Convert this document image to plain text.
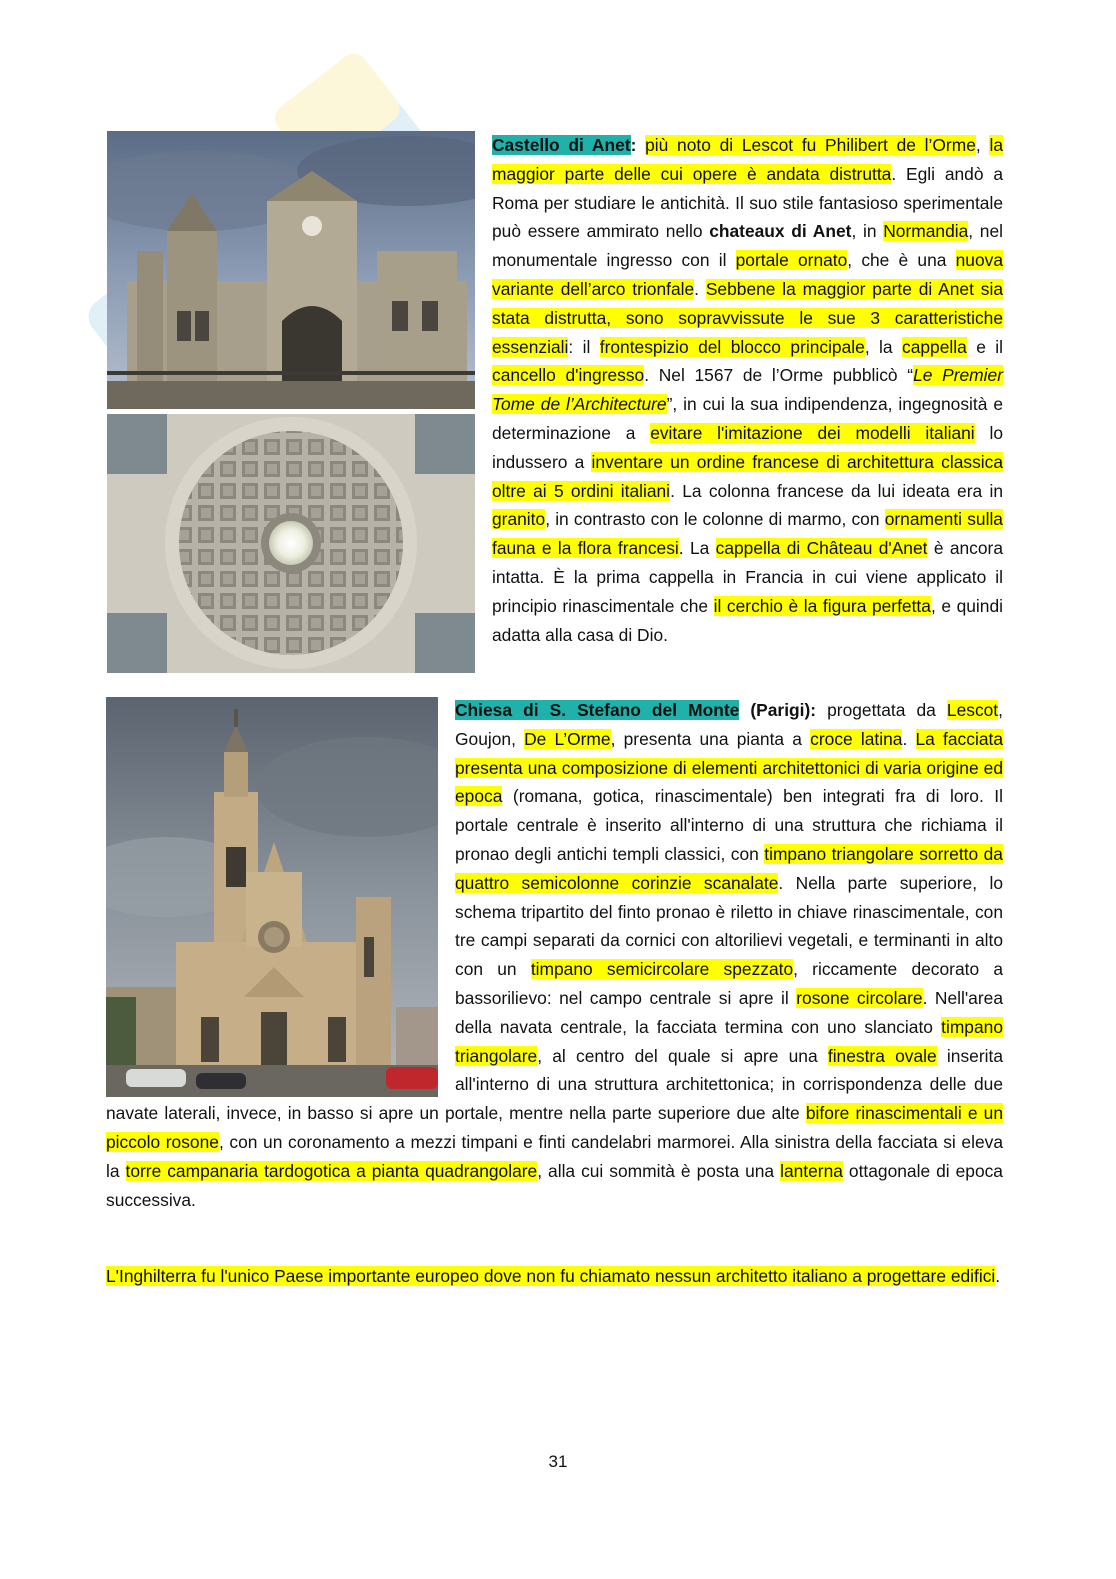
Castello di Anet: più noto di Lescot fu Philibert de l’Orme, la maggior parte delle cui opere è andata distrutta. Egli andò a Roma per studiare le antichità. Il suo stile fantasioso sperimentale può essere ammirato nello chateaux di Anet, in Normandia, nel monumentale ingresso con il portale ornato, che è una nuova variante dell’arco trionfale. Sebbene la maggior parte di Anet sia stata distrutta, sono sopravvissute le sue 3 caratteristiche essenziali: il frontespizio del blocco principale, la cappella e il cancello d'ingresso. Nel 1567 de l’Orme pubblicò “Le Premier Tome de l’Architecture”, in cui la sua indipendenza, ingegnosità e determinazione a evitare l'imitazione dei modelli italiani lo indussero a inventare un ordine francese di architettura classica oltre ai 5 ordini italiani. La colonna francese da lui ideata era in granito, in contrasto con le colonne di marmo, con ornamenti sulla fauna e la flora francesi. La cappella di Château d'Anet è ancora intatta. È la prima cappella in Francia in cui viene applicato il principio rinascimentale che il cerchio è la figura perfetta, e quindi adatta alla casa di Dio.

Chiesa di S. Stefano del Monte (Parigi): progettata da Lescot, Goujon, De L’Orme, presenta una pianta a croce latina. La facciata presenta una composizione di elementi architettonici di varia origine ed epoca (romana, gotica, rinascimentale) ben integrati fra di loro. Il portale centrale è inserito all'interno di una struttura che richiama il pronao degli antichi templi classici, con timpano triangolare sorretto da quattro semicolonne corinzie scanalate. Nella parte superiore, lo schema tripartito del finto pronao è riletto in chiave rinascimentale, con tre campi separati da cornici con altorilievi vegetali, e terminanti in alto con un timpano semicircolare spezzato, riccamente decorato a bassorilievo: nel campo centrale si apre il rosone circolare. Nell'area della navata centrale, la facciata termina con uno slanciato timpano triangolare, al centro del quale si apre una finestra ovale inserita all'interno di una struttura architettonica; in corrispondenza delle due navate laterali, invece, in basso si apre un portale, mentre nella parte superiore due alte bifore rinascimentali e un piccolo rosone, con un coronamento a mezzi timpani e finti candelabri marmorei. Alla sinistra della facciata si eleva la torre campanaria tardogotica a pianta quadrangolare, alla cui sommità è posta una lanterna ottagonale di epoca successiva.

L'Inghilterra fu l'unico Paese importante europeo dove non fu chiamato nessun architetto italiano a progettare edifici.

31
